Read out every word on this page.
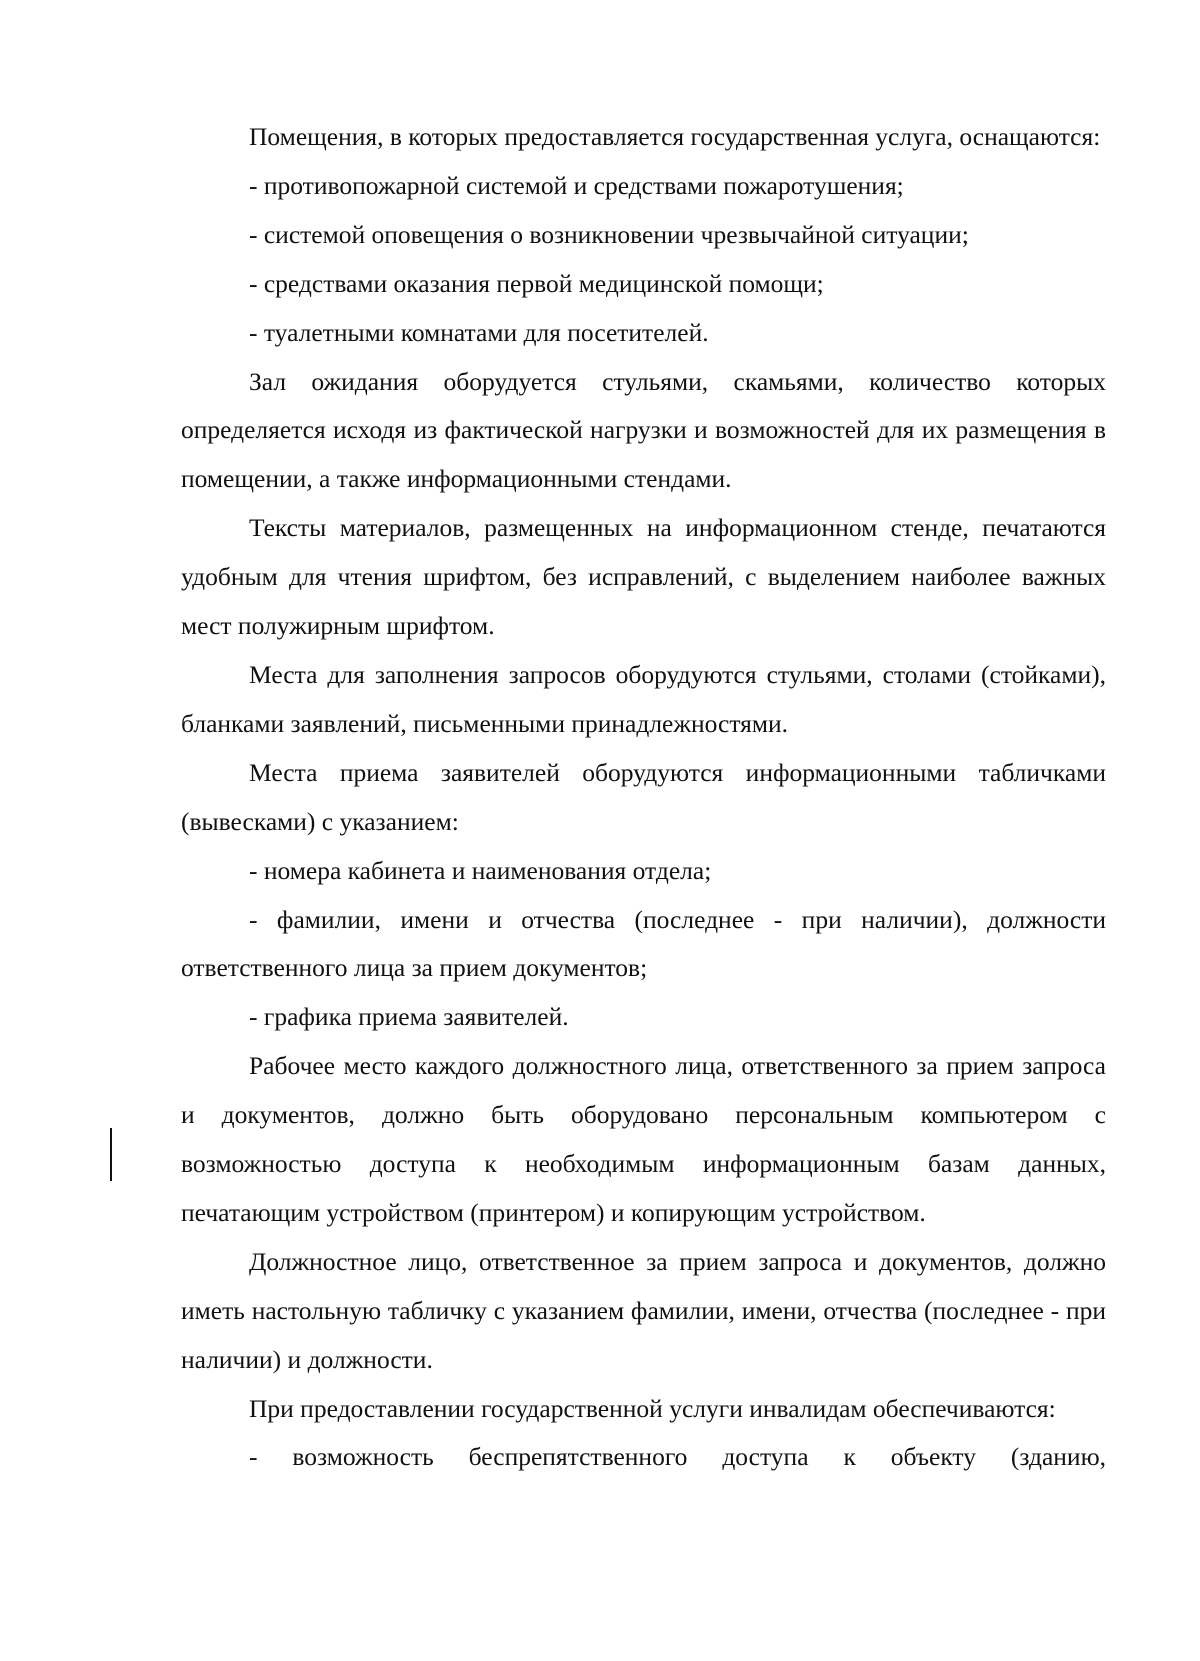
Помещения, в которых предоставляется государственная услуга, оснащаются:

- противопожарной системой и средствами пожаротушения;

- системой оповещения о возникновении чрезвычайной ситуации;

- средствами оказания первой медицинской помощи;

- туалетными комнатами для посетителей.

Зал ожидания оборудуется стульями, скамьями, количество которых определяется исходя из фактической нагрузки и возможностей для их размещения в помещении, а также информационными стендами.

Тексты материалов, размещенных на информационном стенде, печатаются удобным для чтения шрифтом, без исправлений, с выделением наиболее важных мест полужирным шрифтом.

Места для заполнения запросов оборудуются стульями, столами (стойками), бланками заявлений, письменными принадлежностями.

Места приема заявителей оборудуются информационными табличками (вывесками) с указанием:

- номера кабинета и наименования отдела;

- фамилии, имени и отчества (последнее - при наличии), должности ответственного лица за прием документов;

- графика приема заявителей.

Рабочее место каждого должностного лица, ответственного за прием запроса и документов, должно быть оборудовано персональным компьютером с возможностью доступа к необходимым информационным базам данных, печатающим устройством (принтером) и копирующим устройством.

Должностное лицо, ответственное за прием запроса и документов, должно иметь настольную табличку с указанием фамилии, имени, отчества (последнее - при наличии) и должности.

При предоставлении государственной услуги инвалидам обеспечиваются:

- возможность беспрепятственного доступа к объекту (зданию,
